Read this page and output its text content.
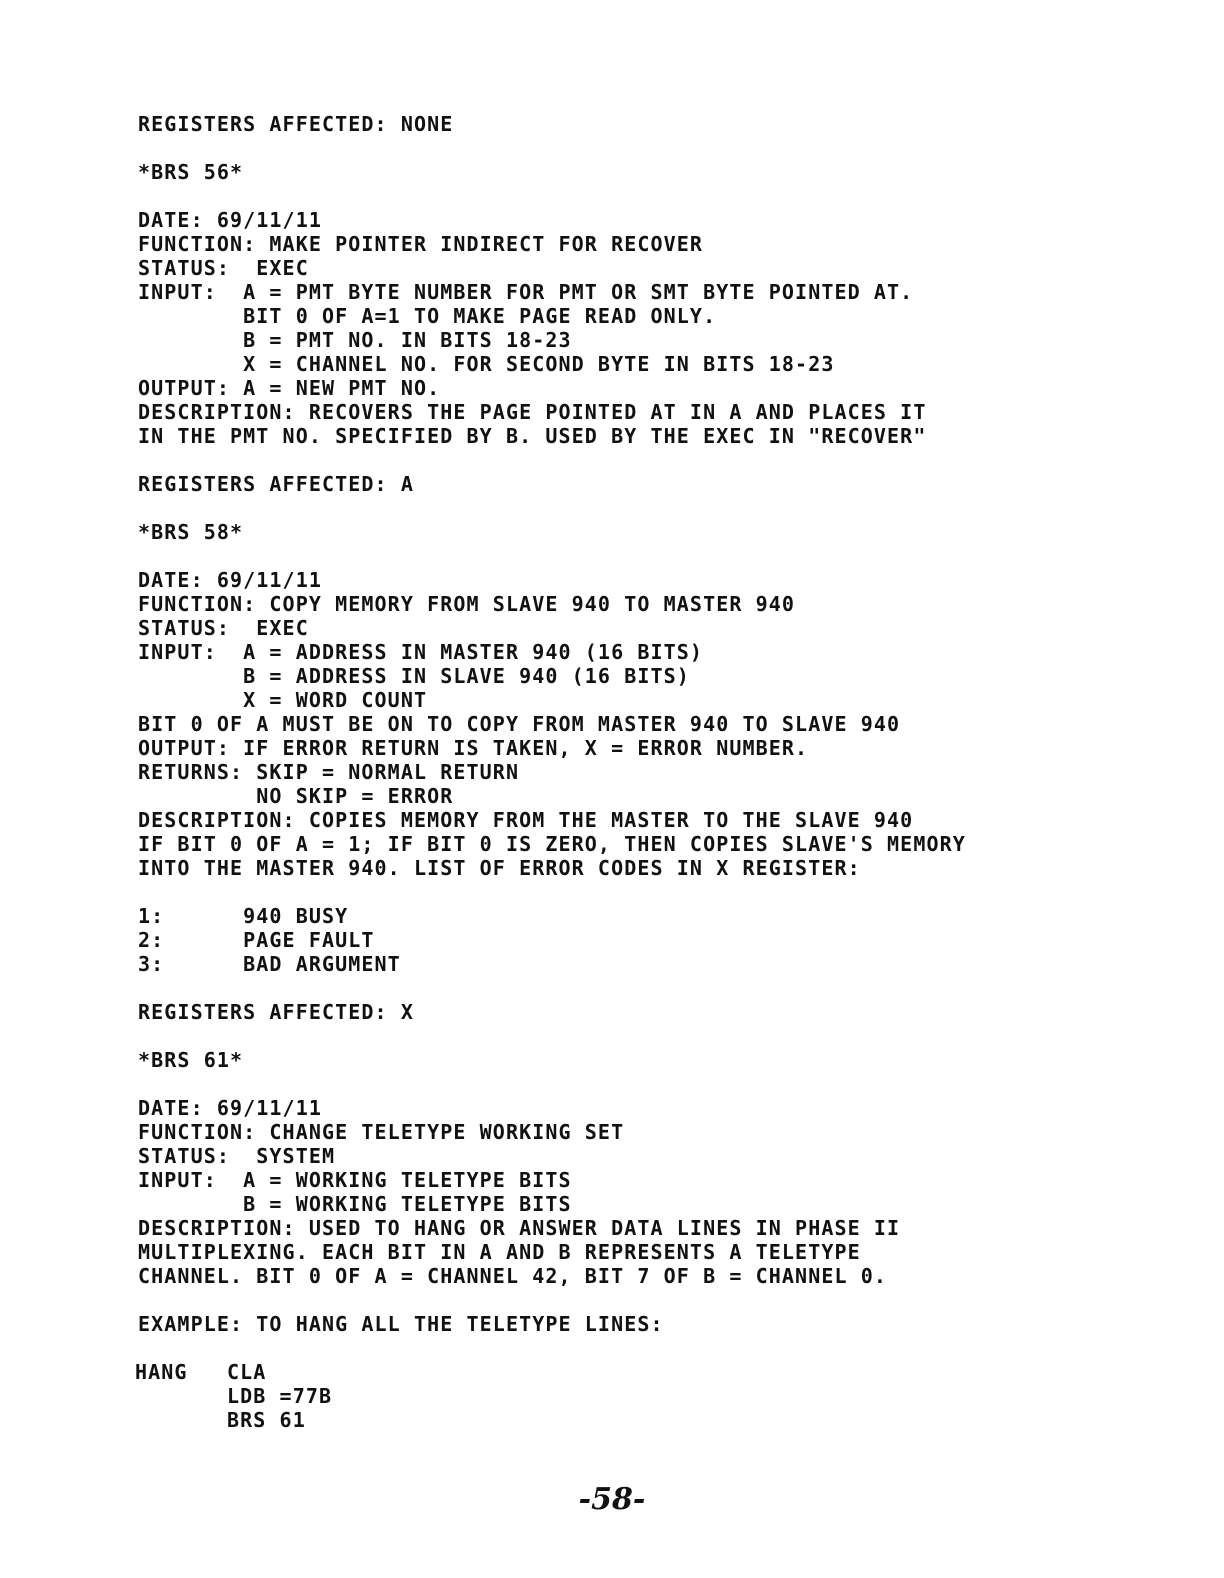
REGISTERS AFFECTED: NONE
*BRS 56*
DATE: 69/11/11
FUNCTION: MAKE POINTER INDIRECT FOR RECOVER
STATUS:  EXEC
INPUT:  A = PMT BYTE NUMBER FOR PMT OR SMT BYTE POINTED AT.
BIT 0 OF A=1 TO MAKE PAGE READ ONLY.
B = PMT NO. IN BITS 18-23
X = CHANNEL NO. FOR SECOND BYTE IN BITS 18-23
OUTPUT: A = NEW PMT NO.
DESCRIPTION: RECOVERS THE PAGE POINTED AT IN A AND PLACES IT
IN THE PMT NO. SPECIFIED BY B. USED BY THE EXEC IN "RECOVER"
REGISTERS AFFECTED: A
*BRS 58*
DATE: 69/11/11
FUNCTION: COPY MEMORY FROM SLAVE 940 TO MASTER 940
STATUS:  EXEC
INPUT:  A = ADDRESS IN MASTER 940 (16 BITS)
B = ADDRESS IN SLAVE 940 (16 BITS)
X = WORD COUNT
BIT 0 OF A MUST BE ON TO COPY FROM MASTER 940 TO SLAVE 940
OUTPUT: IF ERROR RETURN IS TAKEN, X = ERROR NUMBER.
RETURNS: SKIP = NORMAL RETURN
NO SKIP = ERROR
DESCRIPTION: COPIES MEMORY FROM THE MASTER TO THE SLAVE 940
IF BIT 0 OF A = 1; IF BIT 0 IS ZERO, THEN COPIES SLAVE'S MEMORY
INTO THE MASTER 940. LIST OF ERROR CODES IN X REGISTER:
1:      940 BUSY
2:      PAGE FAULT
3:      BAD ARGUMENT
REGISTERS AFFECTED: X
*BRS 61*
DATE: 69/11/11
FUNCTION: CHANGE TELETYPE WORKING SET
STATUS:  SYSTEM
INPUT:  A = WORKING TELETYPE BITS
B = WORKING TELETYPE BITS
DESCRIPTION: USED TO HANG OR ANSWER DATA LINES IN PHASE II
MULTIPLEXING. EACH BIT IN A AND B REPRESENTS A TELETYPE
CHANNEL. BIT 0 OF A = CHANNEL 42, BIT 7 OF B = CHANNEL 0.
EXAMPLE: TO HANG ALL THE TELETYPE LINES:
HANG   CLA
LDB =77B
BRS 61
-58-
